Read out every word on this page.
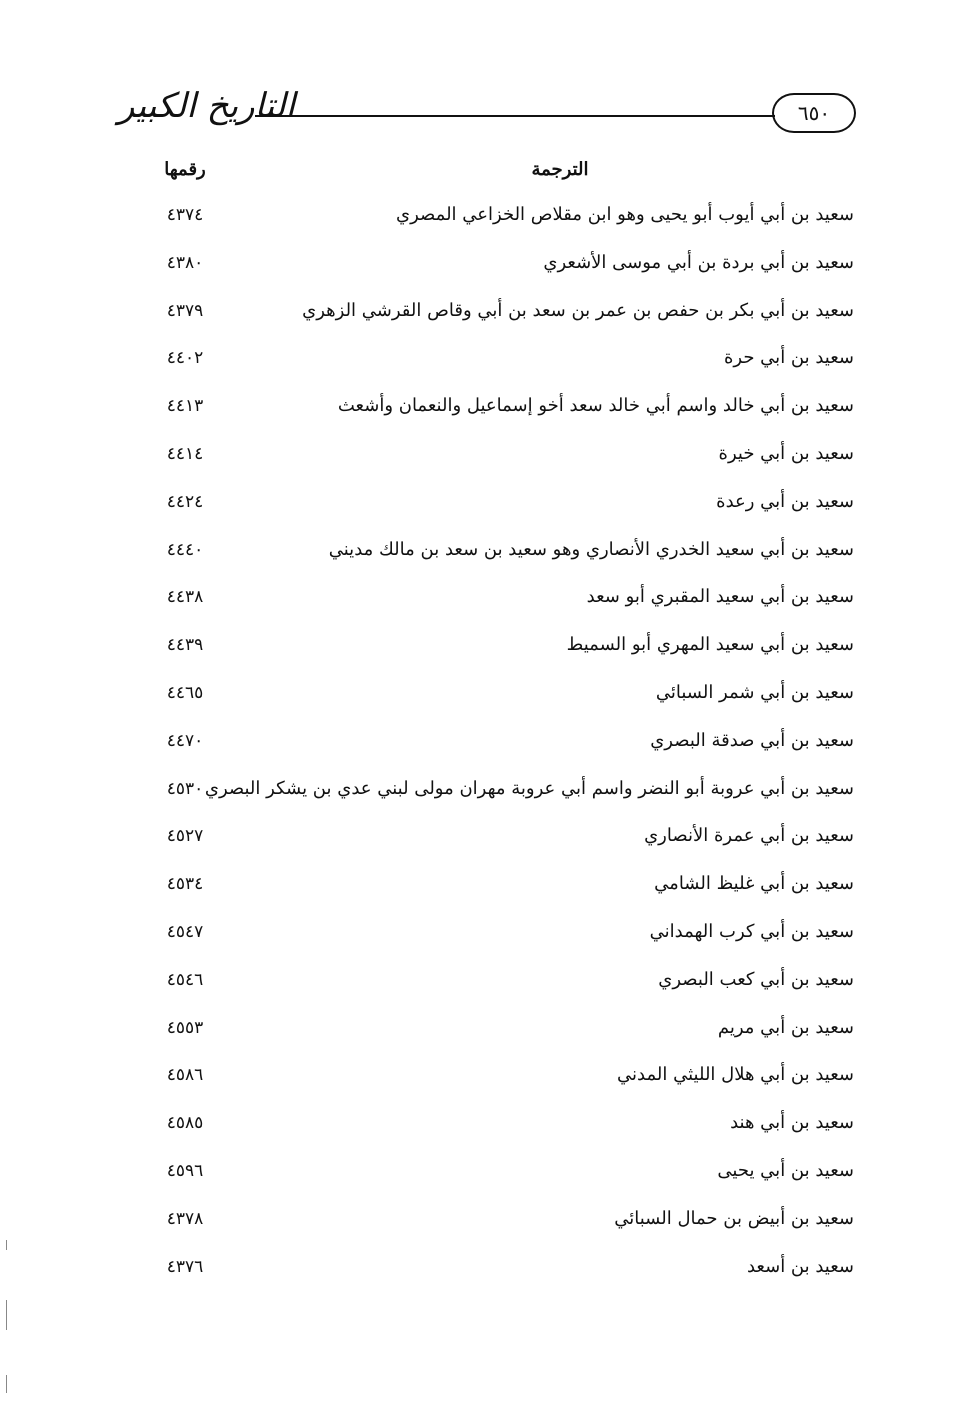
التاريخ الكبير	٦٥٠
الترجمة
رقمها
سعيد بن أبي أيوب أبو يحيى وهو ابن مقلاص الخزاعي المصري
٤٣٧٤
سعيد بن أبي بردة بن أبي موسى الأشعري
٤٣٨٠
سعيد بن أبي بكر بن حفص بن عمر بن سعد بن أبي وقاص القرشي الزهري
٤٣٧٩
سعيد بن أبي حرة
٤٤٠٢
سعيد بن أبي خالد واسم أبي خالد سعد أخو إسماعيل والنعمان وأشعث
٤٤١٣
سعيد بن أبي خيرة
٤٤١٤
سعيد بن أبي رعدة
٤٤٢٤
سعيد بن أبي سعيد الخدري الأنصاري وهو سعيد بن سعد بن مالك مديني
٤٤٤٠
سعيد بن أبي سعيد المقبري أبو سعد
٤٤٣٨
سعيد بن أبي سعيد المهري أبو السميط
٤٤٣٩
سعيد بن أبي شمر السبائي
٤٤٦٥
سعيد بن أبي صدقة البصري
٤٤٧٠
سعيد بن أبي عروبة أبو النضر واسم أبي عروبة مهران مولى لبني عدي بن يشكر البصري
٤٥٣٠
سعيد بن أبي عمرة الأنصاري
٤٥٢٧
سعيد بن أبي غليظ الشامي
٤٥٣٤
سعيد بن أبي كرب الهمداني
٤٥٤٧
سعيد بن أبي كعب البصري
٤٥٤٦
سعيد بن أبي مريم
٤٥٥٣
سعيد بن أبي هلال الليثي المدني
٤٥٨٦
سعيد بن أبي هند
٤٥٨٥
سعيد بن أبي يحيى
٤٥٩٦
سعيد بن أبيض بن حمال السبائي
٤٣٧٨
سعيد بن أسعد
٤٣٧٦
